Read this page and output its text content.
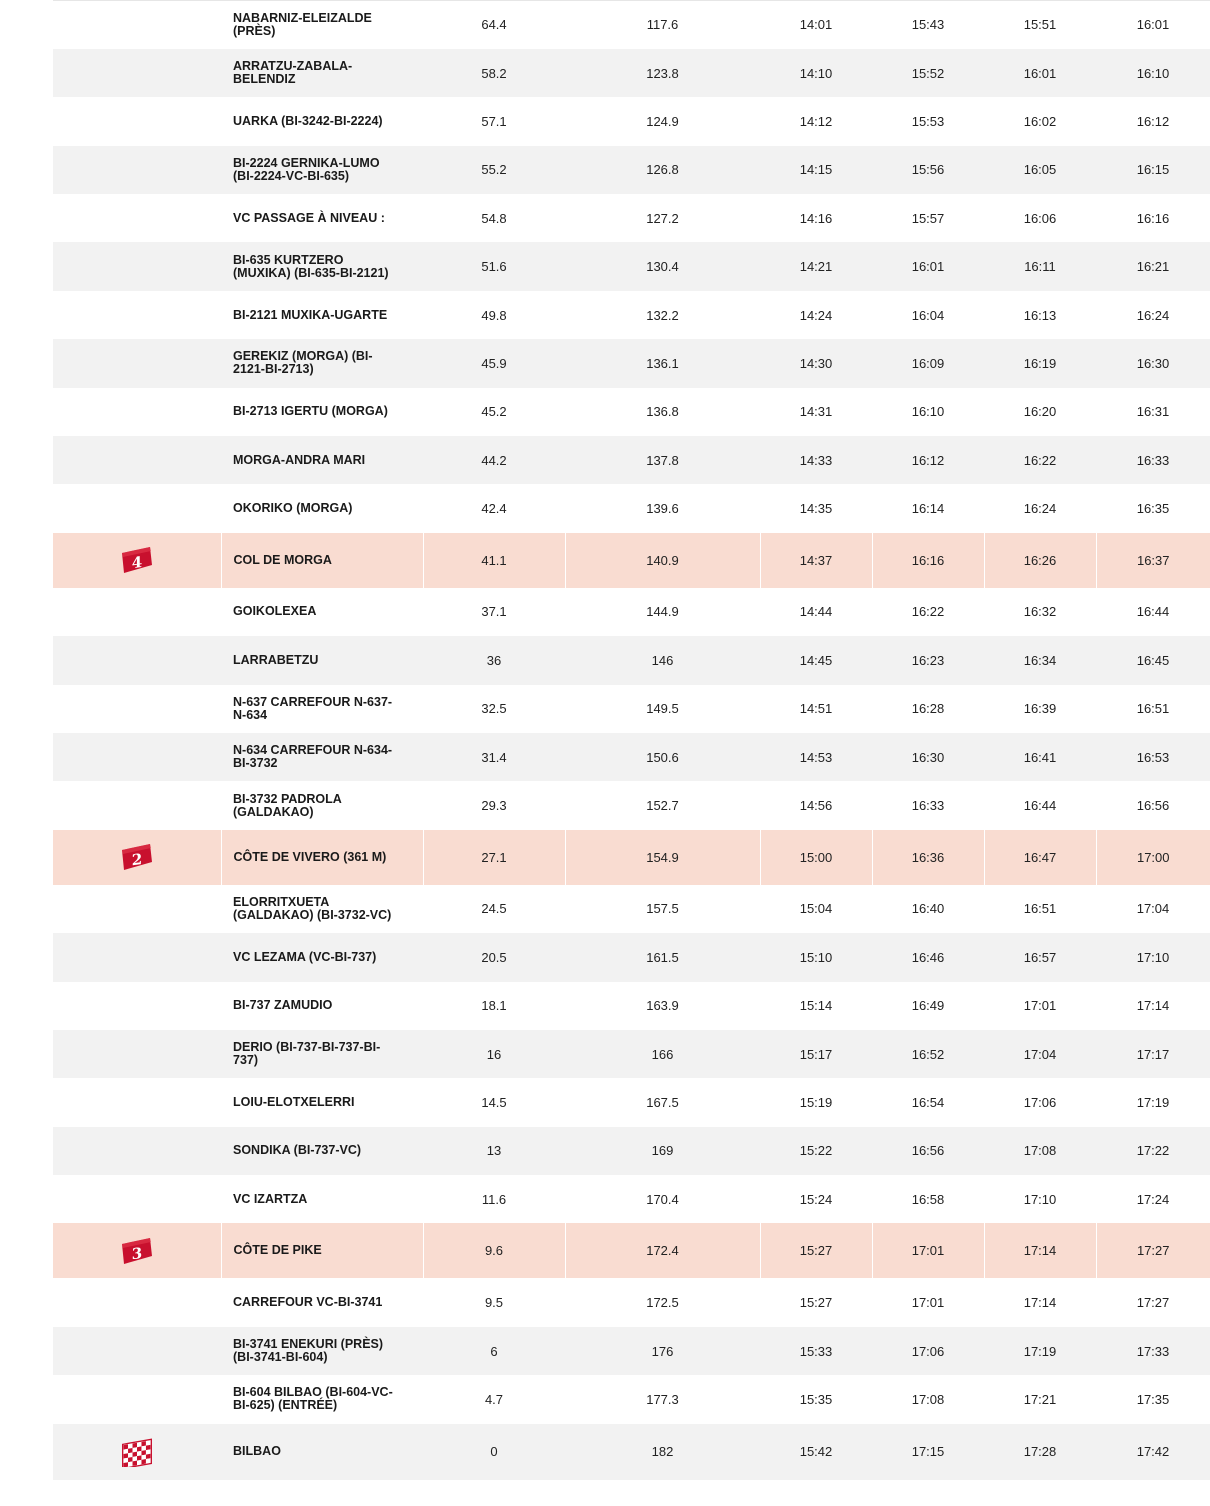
	NABARNIZ-ELEIZALDE (PRÈS)	64.4	117.6	14:01	15:43	15:51	16:01

	ARRATZU-ZABALA-BELENDIZ	58.2	123.8	14:10	15:52	16:01	16:10

	UARKA (BI-3242-BI-2224)	57.1	124.9	14:12	15:53	16:02	16:12

	BI-2224 GERNIKA-LUMO (BI-2224-VC-BI-635)	55.2	126.8	14:15	15:56	16:05	16:15

	VC PASSAGE À NIVEAU :	54.8	127.2	14:16	15:57	16:06	16:16

	BI-635 KURTZERO (MUXIKA) (BI-635-BI-2121)	51.6	130.4	14:21	16:01	16:11	16:21

	BI-2121 MUXIKA-UGARTE	49.8	132.2	14:24	16:04	16:13	16:24

	GEREKIZ (MORGA) (BI-2121-BI-2713)	45.9	136.1	14:30	16:09	16:19	16:30

	BI-2713 IGERTU (MORGA)	45.2	136.8	14:31	16:10	16:20	16:31

	MORGA-ANDRA MARI	44.2	137.8	14:33	16:12	16:22	16:33

	OKORIKO (MORGA)	42.4	139.6	14:35	16:14	16:24	16:35

4	COL DE MORGA	41.1	140.9	14:37	16:16	16:26	16:37

	GOIKOLEXEA	37.1	144.9	14:44	16:22	16:32	16:44

	LARRABETZU	36	146	14:45	16:23	16:34	16:45

	N-637 CARREFOUR N-637-N-634	32.5	149.5	14:51	16:28	16:39	16:51

	N-634 CARREFOUR N-634-BI-3732	31.4	150.6	14:53	16:30	16:41	16:53

	BI-3732 PADROLA (GALDAKAO)	29.3	152.7	14:56	16:33	16:44	16:56

2	CÔTE DE VIVERO (361 M)	27.1	154.9	15:00	16:36	16:47	17:00

	ELORRITXUETA (GALDAKAO) (BI-3732-VC)	24.5	157.5	15:04	16:40	16:51	17:04

	VC LEZAMA (VC-BI-737)	20.5	161.5	15:10	16:46	16:57	17:10

	BI-737 ZAMUDIO	18.1	163.9	15:14	16:49	17:01	17:14

	DERIO (BI-737-BI-737-BI-737)	16	166	15:17	16:52	17:04	17:17

	LOIU-ELOTXELERRI	14.5	167.5	15:19	16:54	17:06	17:19

	SONDIKA (BI-737-VC)	13	169	15:22	16:56	17:08	17:22

	VC IZARTZA	11.6	170.4	15:24	16:58	17:10	17:24

3	CÔTE DE PIKE	9.6	172.4	15:27	17:01	17:14	17:27

	CARREFOUR VC-BI-3741	9.5	172.5	15:27	17:01	17:14	17:27

	BI-3741 ENEKURI (PRÈS) (BI-3741-BI-604)	6	176	15:33	17:06	17:19	17:33

	BI-604 BILBAO (BI-604-VC-BI-625) (ENTRÉE)	4.7	177.3	15:35	17:08	17:21	17:35

BILBAO	0	182	15:42	17:15	17:28	17:42
